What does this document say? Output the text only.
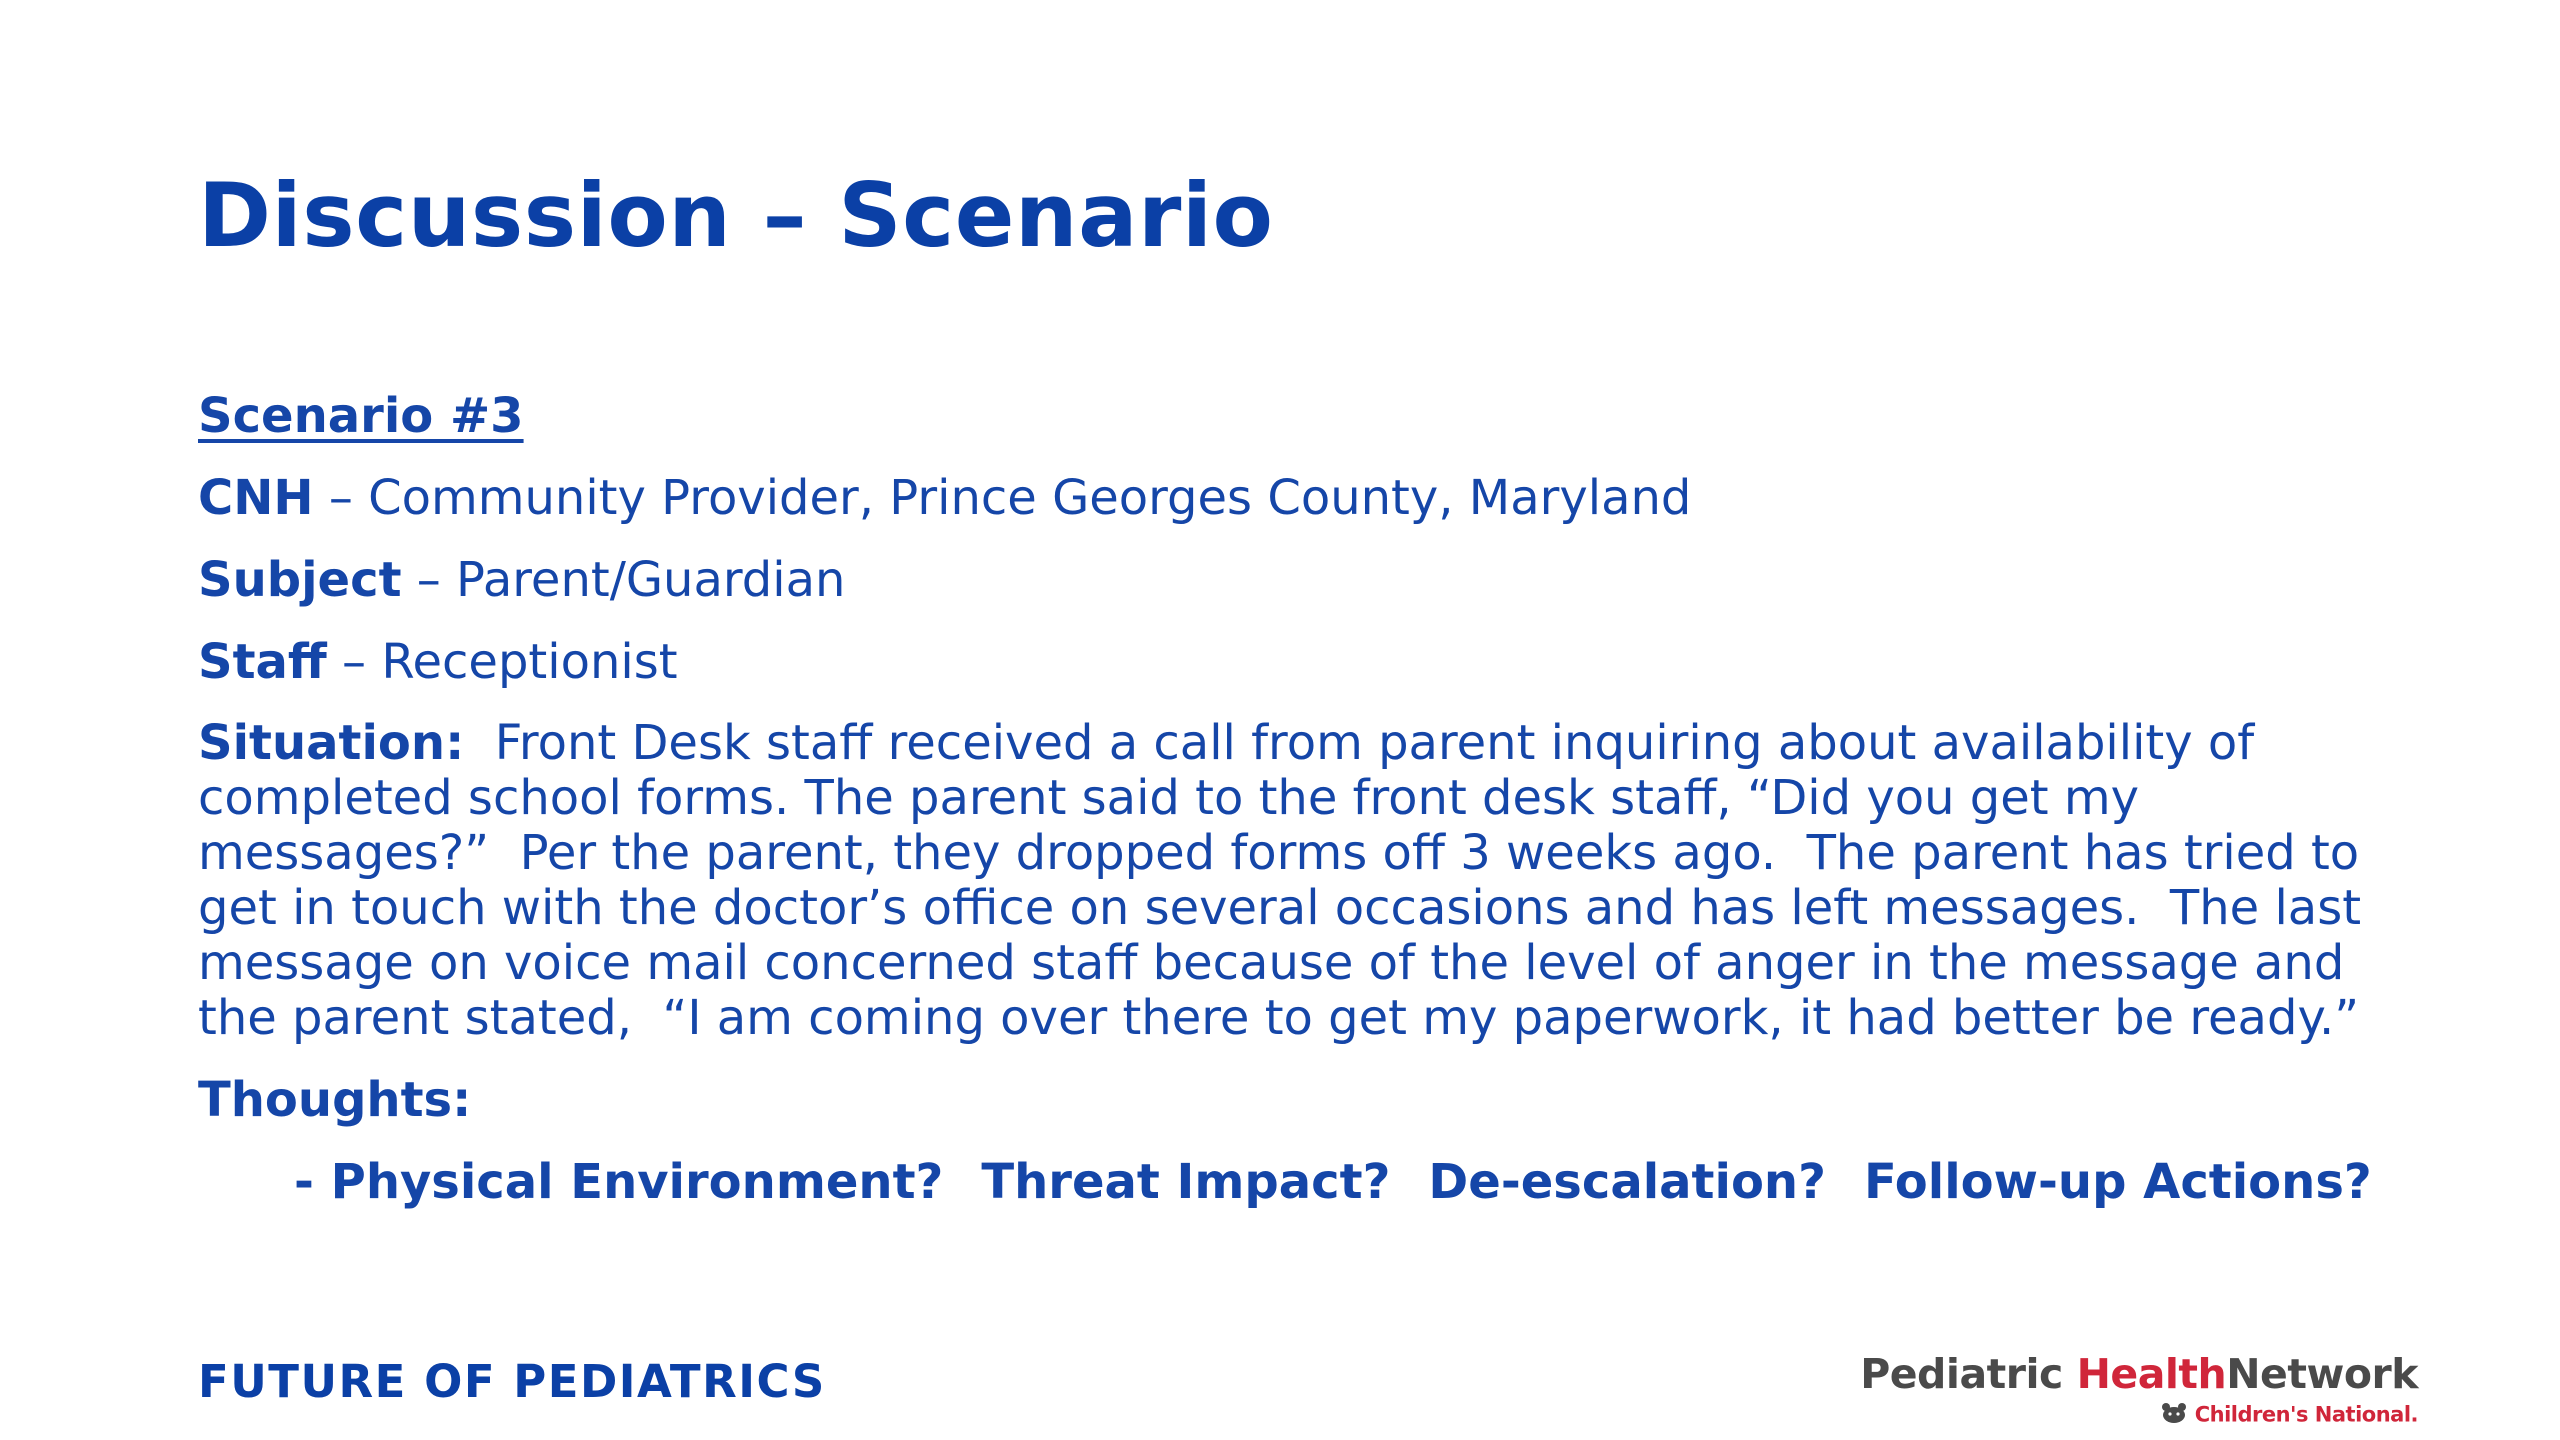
Discussion – Scenario

Scenario #3

CNH – Community Provider, Prince Georges County, Maryland

Subject – Parent/Guardian

Staff – Receptionist

Situation:  Front Desk staff received a call from parent inquiring about availability of completed school forms. The parent said to the front desk staff, “Did you get my messages?”  Per the parent, they dropped forms off 3 weeks ago.  The parent has tried to get in touch with the doctor’s office on several occasions and has left messages.  The last message on voice mail concerned staff because of the level of anger in the message and the parent stated,  “I am coming over there to get my paperwork, it had better be ready.”

Thoughts:

- Physical Environment? Threat Impact? De-escalation? Follow-up Actions?

FUTURE OF PEDIATRICS	Pediatric HealthNetwork
Children's National.
